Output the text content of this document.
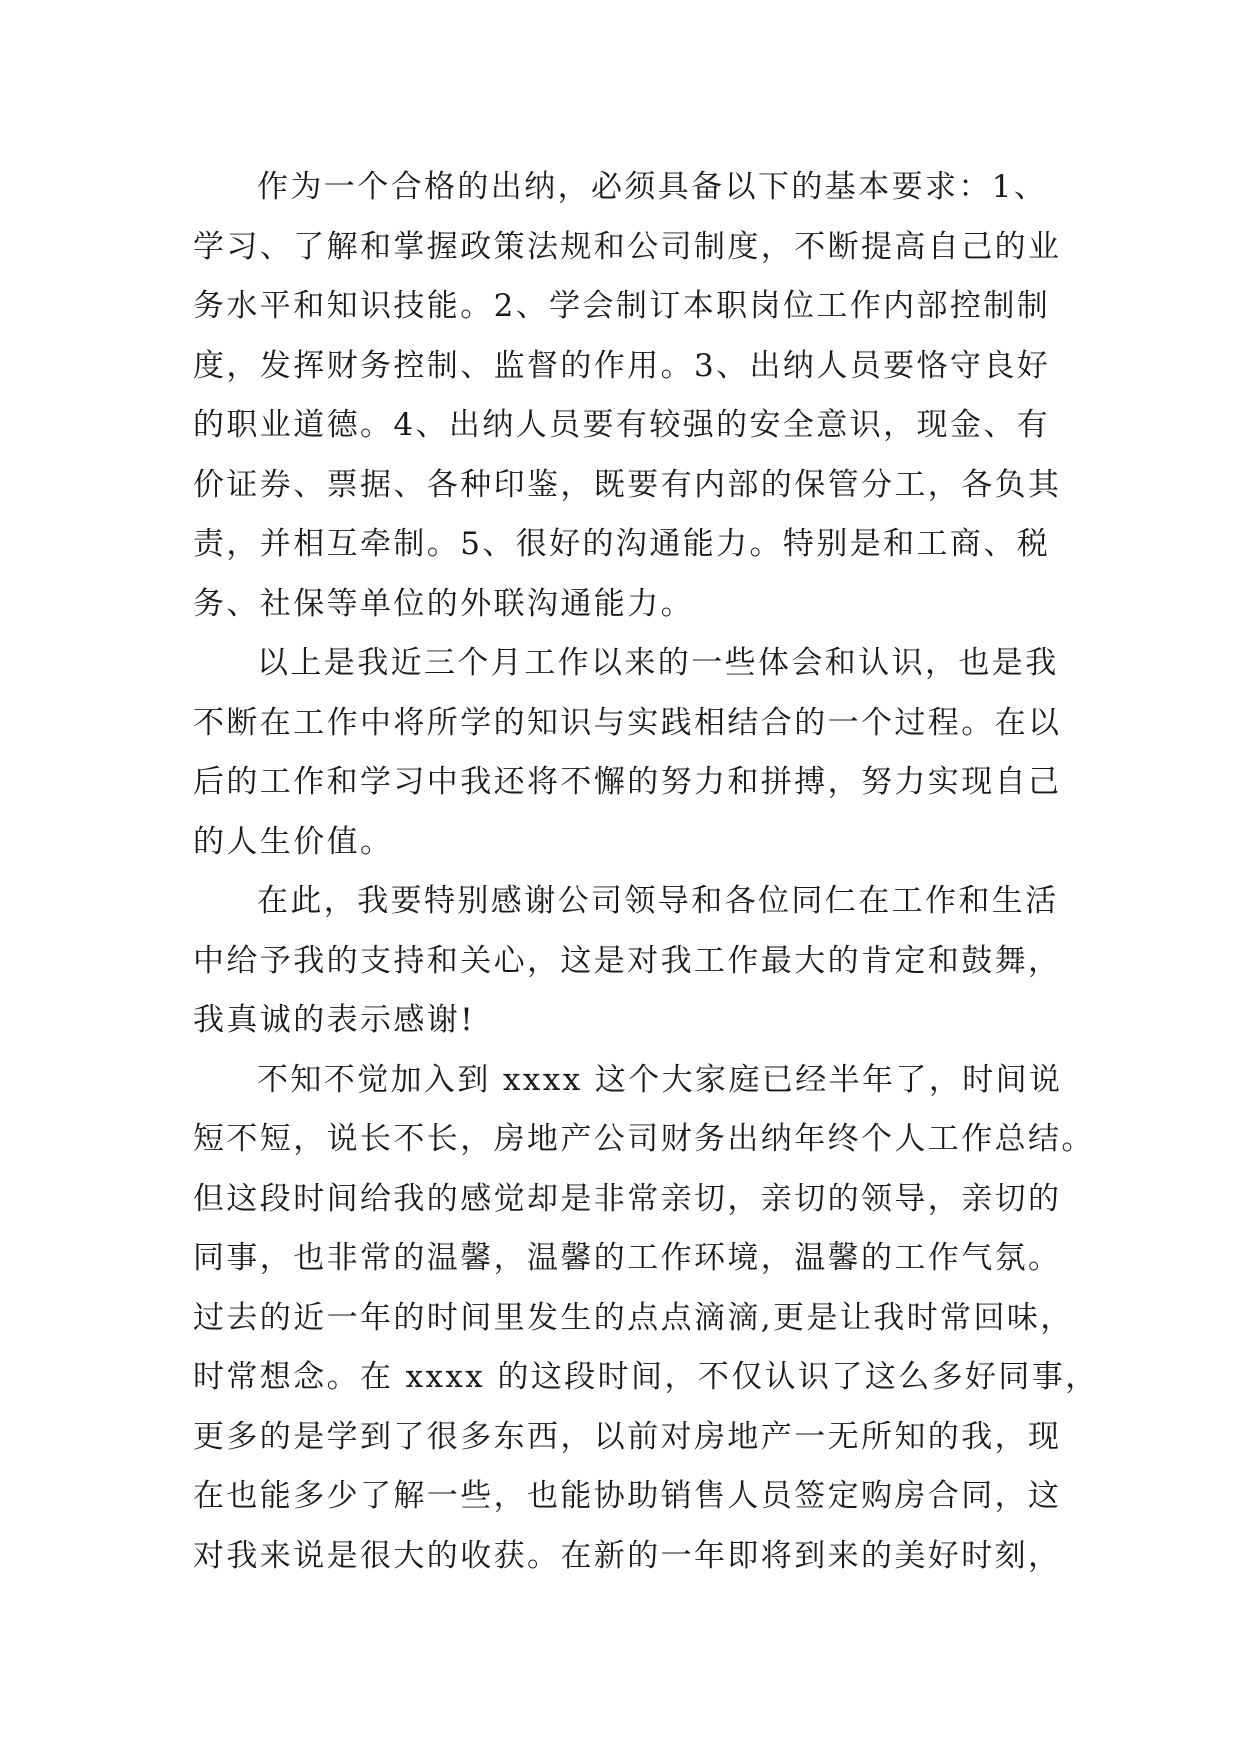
作为一个合格的出纳，必须具备以下的基本要求：1、
学习、了解和掌握政策法规和公司制度，不断提高自己的业
务水平和知识技能。2、学会制订本职岗位工作内部控制制
度，发挥财务控制、监督的作用。3、出纳人员要恪守良好
的职业道德。4、出纳人员要有较强的安全意识，现金、有
价证券、票据、各种印鉴，既要有内部的保管分工，各负其
责，并相互牵制。5、很好的沟通能力。特别是和工商、税
务、社保等单位的外联沟通能力。
以上是我近三个月工作以来的一些体会和认识，也是我
不断在工作中将所学的知识与实践相结合的一个过程。在以
后的工作和学习中我还将不懈的努力和拼搏，努力实现自己
的人生价值。
在此，我要特别感谢公司领导和各位同仁在工作和生活
中给予我的支持和关心，这是对我工作最大的肯定和鼓舞，
我真诚的表示感谢!
不知不觉加入到 xxxx 这个大家庭已经半年了，时间说
短不短，说长不长，房地产公司财务出纳年终个人工作总结。
但这段时间给我的感觉却是非常亲切，亲切的领导，亲切的
同事，也非常的温馨，温馨的工作环境，温馨的工作气氛。
过去的近一年的时间里发生的点点滴滴,更是让我时常回味，
时常想念。在 xxxx 的这段时间，不仅认识了这么多好同事，
更多的是学到了很多东西，以前对房地产一无所知的我，现
在也能多少了解一些，也能协助销售人员签定购房合同，这
对我来说是很大的收获。在新的一年即将到来的美好时刻，
